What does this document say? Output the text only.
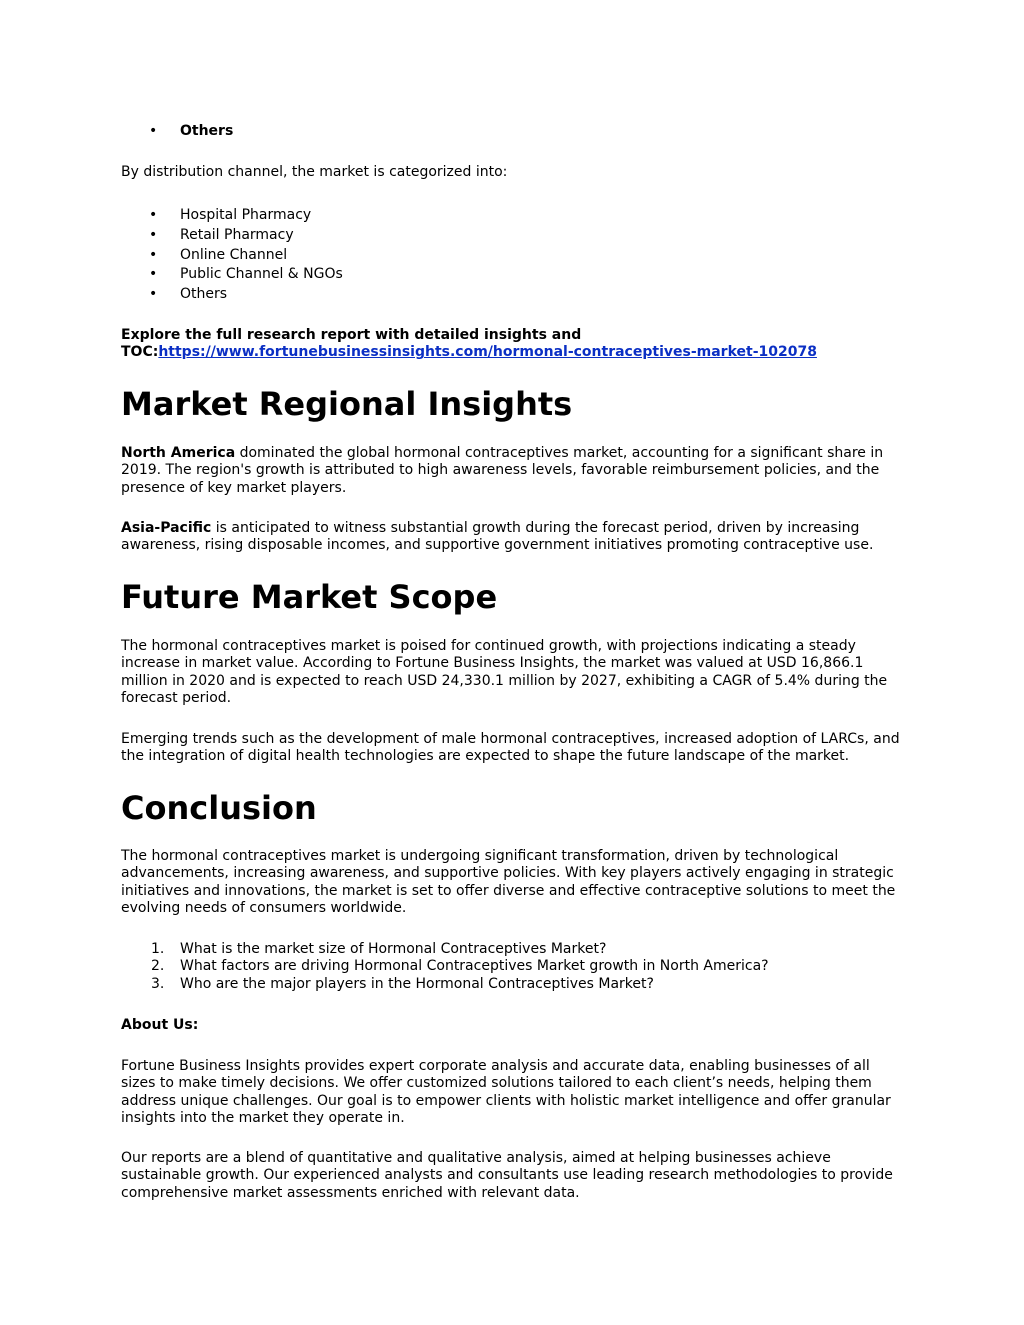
• Others

By distribution channel, the market is categorized into:

• Hospital Pharmacy
• Retail Pharmacy
• Online Channel
• Public Channel & NGOs
• Others

Explore the full research report with detailed insights and
TOC:https://www.fortunebusinessinsights.com/hormonal-contraceptives-market-102078

Market Regional Insights

North America dominated the global hormonal contraceptives market, accounting for a significant share in 2019. The region's growth is attributed to high awareness levels, favorable reimbursement policies, and the presence of key market players.

Asia-Pacific is anticipated to witness substantial growth during the forecast period, driven by increasing awareness, rising disposable incomes, and supportive government initiatives promoting contraceptive use.

Future Market Scope

The hormonal contraceptives market is poised for continued growth, with projections indicating a steady increase in market value. According to Fortune Business Insights, the market was valued at USD 16,866.1 million in 2020 and is expected to reach USD 24,330.1 million by 2027, exhibiting a CAGR of 5.4% during the forecast period.

Emerging trends such as the development of male hormonal contraceptives, increased adoption of LARCs, and the integration of digital health technologies are expected to shape the future landscape of the market.

Conclusion

The hormonal contraceptives market is undergoing significant transformation, driven by technological advancements, increasing awareness, and supportive policies. With key players actively engaging in strategic initiatives and innovations, the market is set to offer diverse and effective contraceptive solutions to meet the evolving needs of consumers worldwide.

1. What is the market size of Hormonal Contraceptives Market?
2. What factors are driving Hormonal Contraceptives Market growth in North America?
3. Who are the major players in the Hormonal Contraceptives Market?

About Us:

Fortune Business Insights provides expert corporate analysis and accurate data, enabling businesses of all sizes to make timely decisions. We offer customized solutions tailored to each client’s needs, helping them address unique challenges. Our goal is to empower clients with holistic market intelligence and offer granular insights into the market they operate in.

Our reports are a blend of quantitative and qualitative analysis, aimed at helping businesses achieve sustainable growth. Our experienced analysts and consultants use leading research methodologies to provide comprehensive market assessments enriched with relevant data.
